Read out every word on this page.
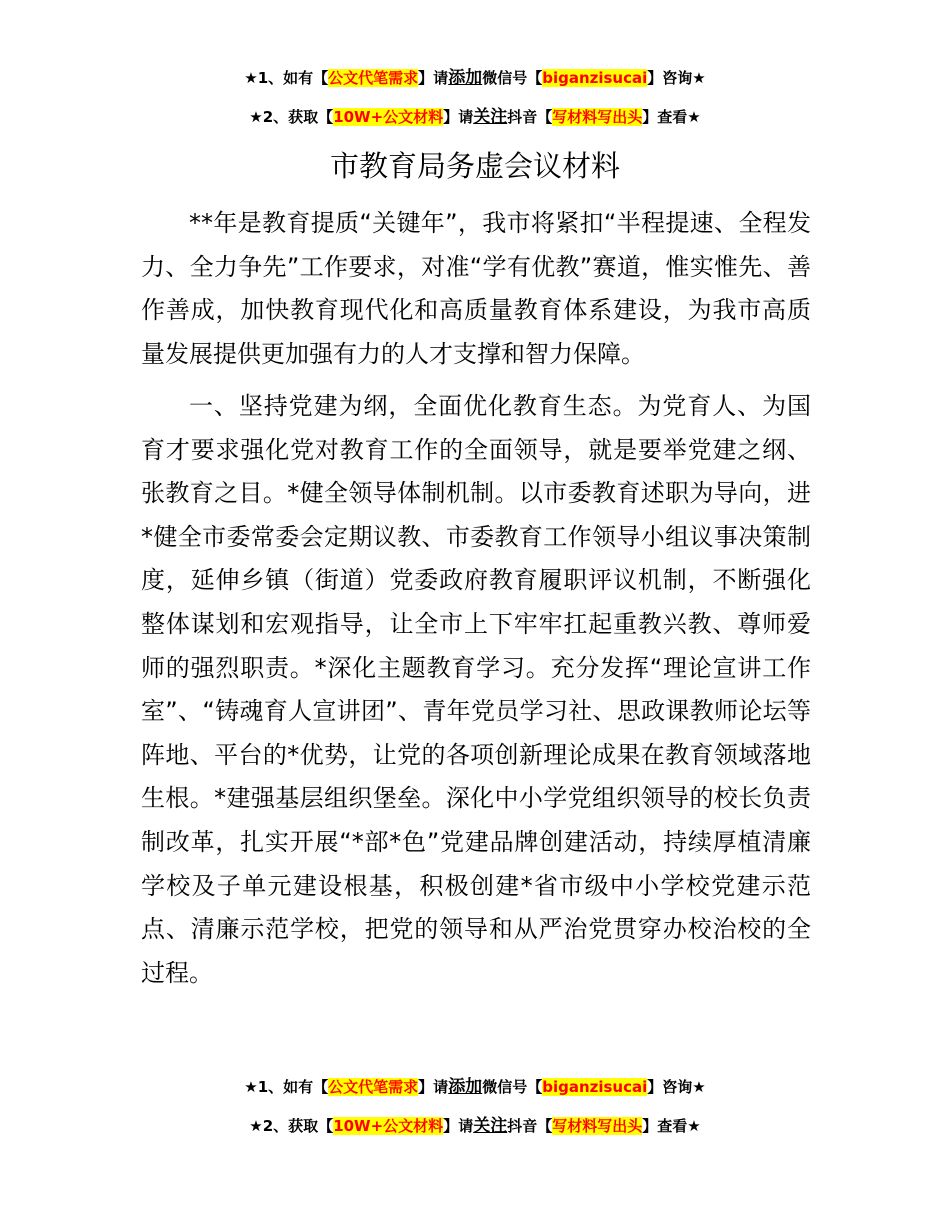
★1、如有【公文代笔需求】请添加微信号【biganzisucai】咨询★
★2、获取【10W+公文材料】请关注抖音【写材料写出头】查看★
市教育局务虚会议材料

**年是教育提质“关键年”，我市将紧扣“半程提速、全程发力、全力争先”工作要求，对准“学有优教”赛道，惟实惟先、善作善成，加快教育现代化和高质量教育体系建设，为我市高质量发展提供更加强有力的人才支撑和智力保障。

一、坚持党建为纲，全面优化教育生态。为党育人、为国育才要求强化党对教育工作的全面领导，就是要举党建之纲、张教育之目。*健全领导体制机制。以市委教育述职为导向，进*健全市委常委会定期议教、市委教育工作领导小组议事决策制度，延伸乡镇（街道）党委政府教育履职评议机制，不断强化整体谋划和宏观指导，让全市上下牢牢扛起重教兴教、尊师爱师的强烈职责。*深化主题教育学习。充分发挥“理论宣讲工作室”、“铸魂育人宣讲团”、青年党员学习社、思政课教师论坛等阵地、平台的*优势，让党的各项创新理论成果在教育领域落地生根。*建强基层组织堡垒。深化中小学党组织领导的校长负责制改革，扎实开展“*部*色”党建品牌创建活动，持续厚植清廉学校及子单元建设根基，积极创建*省市级中小学校党建示范点、清廉示范学校，把党的领导和从严治党贯穿办校治校的全过程。

★1、如有【公文代笔需求】请添加微信号【biganzisucai】咨询★
★2、获取【10W+公文材料】请关注抖音【写材料写出头】查看★
